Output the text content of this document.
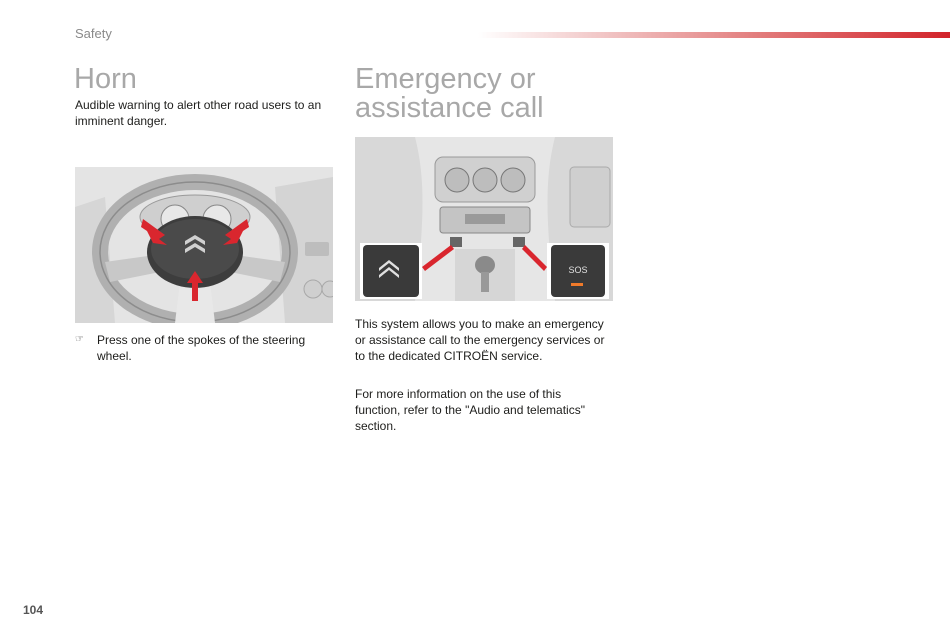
Safety
Horn

Audible warning to alert other road users to an imminent danger.

☞ Press one of the spokes of the steering wheel.
Emergency or
assistance call
SOS

This system allows you to make an emergency or assistance call to the emergency services or to the dedicated CITROËN service.

For more information on the use of this function, refer to the "Audio and telematics" section.

104
